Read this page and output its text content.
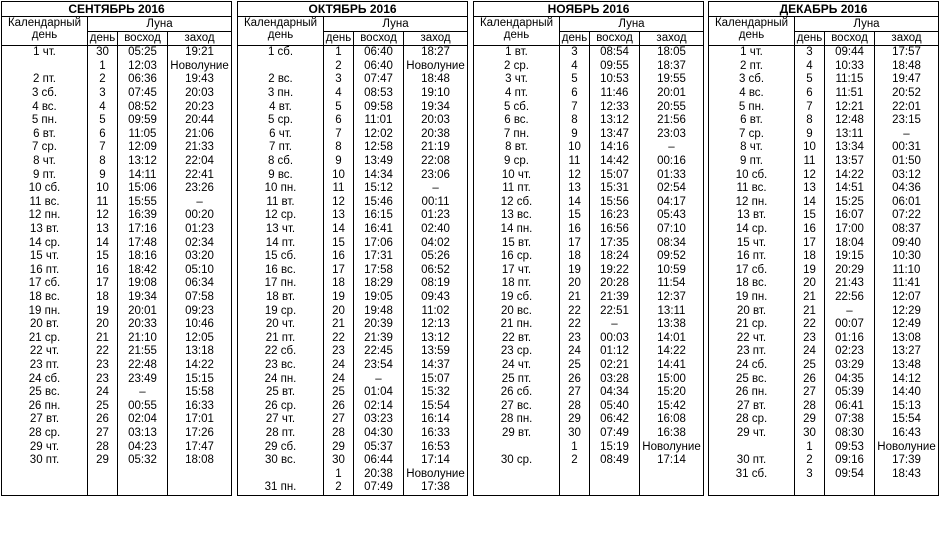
СЕНТЯБРЬ 2016			
Календарный день	Луна		
	день	восход	заход
1 чт.	30	05:25	19:21
	1	12:03	Новолуние
2 пт.	2	06:36	19:43
3 сб.	3	07:45	20:03
4 вс.	4	08:52	20:23
5 пн.	5	09:59	20:44
6 вт.	6	11:05	21:06
7 ср.	7	12:09	21:33
8 чт.	8	13:12	22:04
9 пт.	9	14:11	22:41
10 сб.	10	15:06	23:26
11 вс.	11	15:55	–
12 пн.	12	16:39	00:20
13 вт.	13	17:16	01:23
14 ср.	14	17:48	02:34
15 чт.	15	18:16	03:20
16 пт.	16	18:42	05:10
17 сб.	17	19:08	06:34
18 вс.	18	19:34	07:58
19 пн.	19	20:01	09:23
20 вт.	20	20:33	10:46
21 ср.	21	21:10	12:05
22 чт.	22	21:55	13:18
23 пт.	23	22:48	14:22
24 сб.	23	23:49	15:15
25 вс.	24	–	15:58
26 пн.	25	00:55	16:33
27 вт.	26	02:04	17:01
28 ср.	27	03:13	17:26
29 чт.	28	04:23	17:47
30 пт.	29	05:32	18:08

ОКТЯБРЬ 2016			
Календарный день	Луна		
	день	восход	заход
1 сб.	1	06:40	18:27
	2	06:40	Новолуние
2 вс.	3	07:47	18:48
3 пн.	4	08:53	19:10
4 вт.	5	09:58	19:34
5 ср.	6	11:01	20:03
6 чт.	7	12:02	20:38
7 пт.	8	12:58	21:19
8 сб.	9	13:49	22:08
9 вс.	10	14:34	23:06
10 пн.	11	15:12	–
11 вт.	12	15:46	00:11
12 ср.	13	16:15	01:23
13 чт.	14	16:41	02:40
14 пт.	15	17:06	04:02
15 сб.	16	17:31	05:26
16 вс.	17	17:58	06:52
17 пн.	18	18:29	08:19
18 вт.	19	19:05	09:43
19 ср.	20	19:48	11:02
20 чт.	21	20:39	12:13
21 пт.	22	21:39	13:12
22 сб.	23	22:45	13:59
23 вс.	24	23:54	14:37
24 пн.	24	–	15:07
25 вт.	25	01:04	15:32
26 ср.	26	02:14	15:54
27 чт.	27	03:23	16:14
28 пт.	28	04:30	16:33
29 сб.	29	05:37	16:53
30 вс.	30	06:44	17:14
	1	20:38	Новолуние
31 пн.	2	07:49	17:38
НОЯБРЬ 2016			
Календарный день	Луна		
	день	восход	заход
1 вт.	3	08:54	18:05
2 ср.	4	09:55	18:37
3 чт.	5	10:53	19:55
4 пт.	6	11:46	20:01
5 сб.	7	12:33	20:55
6 вс.	8	13:12	21:56
7 пн.	9	13:47	23:03
8 вт.	10	14:16	–
9 ср.	11	14:42	00:16
10 чт.	12	15:07	01:33
11 пт.	13	15:31	02:54
12 сб.	14	15:56	04:17
13 вс.	15	16:23	05:43
14 пн.	16	16:56	07:10
15 вт.	17	17:35	08:34
16 ср.	18	18:24	09:52
17 чт.	19	19:22	10:59
18 пт.	20	20:28	11:54
19 сб.	21	21:39	12:37
20 вс.	22	22:51	13:11
21 пн.	22	–	13:38
22 вт.	23	00:03	14:01
23 ср.	24	01:12	14:22
24 чт.	25	02:21	14:41
25 пт.	26	03:28	15:00
26 сб.	27	04:34	15:20
27 вс.	28	05:40	15:42
28 пн.	29	06:42	16:08
29 вт.	30	07:49	16:38
	1	15:19	Новолуние
30 ср.	2	08:49	17:14

ДЕКАБРЬ 2016			
Календарный день	Луна		
	день	восход	заход
1 чт.	3	09:44	17:57
2 пт.	4	10:33	18:48
3 сб.	5	11:15	19:47
4 вс.	6	11:51	20:52
5 пн.	7	12:21	22:01
6 вт.	8	12:48	23:15
7 ср.	9	13:11	–
8 чт.	10	13:34	00:31
9 пт.	11	13:57	01:50
10 сб.	12	14:22	03:12
11 вс.	13	14:51	04:36
12 пн.	14	15:25	06:01
13 вт.	15	16:07	07:22
14 ср.	16	17:00	08:37
15 чт.	17	18:04	09:40
16 пт.	18	19:15	10:30
17 сб.	19	20:29	11:10
18 вс.	20	21:43	11:41
19 пн.	21	22:56	12:07
20 вт.	21	–	12:29
21 ср.	22	00:07	12:49
22 чт.	23	01:16	13:08
23 пт.	24	02:23	13:27
24 сб.	25	03:29	13:48
25 вс.	26	04:35	14:12
26 пн.	27	05:39	14:40
27 вт.	28	06:41	15:13
28 ср.	29	07:38	15:54
29 чт.	30	08:30	16:43
	1	09:53	Новолуние
30 пт.	2	09:16	17:39
31 сб.	3	09:54	18:43
